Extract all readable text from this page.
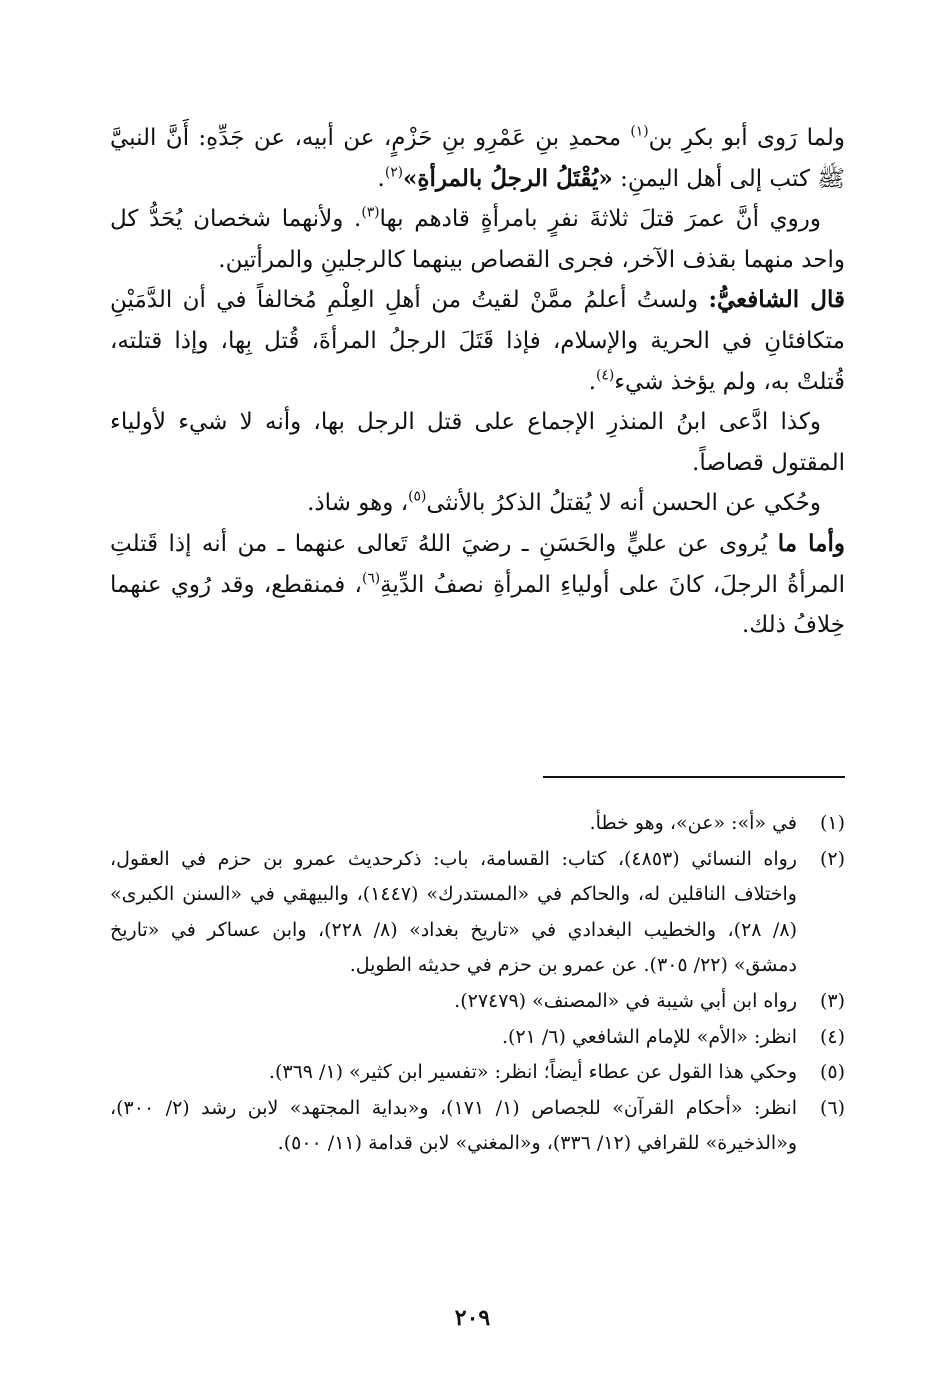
ولما رَوى أبو بكرِ بن$^{(١)}$ محمدِ بنِ عَمْرِو بنِ حَزْمٍ، عن أبيه، عن جَدِّهِ: أَنَّ النبيَّ ﷺ كتب إلى أهل اليمنِ: «يُقْتَلُ الرجلُ بالمرأةِ»$^{(٢)}$.

وروي أنَّ عمرَ قتلَ ثلاثةَ نفرٍ بامرأةٍ قادهم بها$^{(٣)}$. ولأنهما شخصان يُحَدُّ كل واحد منهما بقذف الآخر، فجرى القصاص بينهما كالرجلينِ والمرأتين.

قال الشافعيُّ: ولستُ أعلمُ ممَّنْ لقيتُ من أهلِ العِلْمِ مُخالفاً في أن الدَّمَيْنِ متكافئانِ في الحرية والإسلام، فإذا قَتَلَ الرجلُ المرأةَ، قُتل بِها، وإذا قتلته، قُتلتْ به، ولم يؤخذ شيء$^{(٤)}$.

وكذا ادَّعى ابنُ المنذرِ الإجماع على قتل الرجل بها، وأنه لا شيء لأولياء المقتول قصاصاً.

وحُكي عن الحسن أنه لا يُقتلُ الذكرُ بالأنثى$^{(٥)}$، وهو شاذ.

وأما ما يُروى عن عليٍّ والحَسَنِ ـ رضيَ اللهُ تَعالى عنهما ـ من أنه إذا قَتلتِ المرأةُ الرجلَ، كانَ على أولياءِ المرأةِ نصفُ الدِّيةِ$^{(٦)}$، فمنقطع، وقد رُوي عنهما خِلافُ ذلك.

(١)
في «أ»: «عن»، وهو خطأ.
(٢)
رواه النسائي (٤٨٥٣)، كتاب: القسامة، باب: ذكرحديث عمرو بن حزم في العقول، واختلاف الناقلين له، والحاكم في «المستدرك» (١٤٤٧)، والبيهقي في «السنن الكبرى» (٨/ ٢٨)، والخطيب البغدادي في «تاريخ بغداد» (٨/ ٢٢٨)، وابن عساكر في «تاريخ دمشق» (٢٢/ ٣٠٥). عن عمرو بن حزم في حديثه الطويل.
(٣)
رواه ابن أبي شيبة في «المصنف» (٢٧٤٧٩).
(٤)
انظر: «الأم» للإمام الشافعي (٦/ ٢١).
(٥)
وحكي هذا القول عن عطاء أيضاً؛ انظر: «تفسير ابن كثير» (١/ ٣٦٩).
(٦)
انظر: «أحكام القرآن» للجصاص (١/ ١٧١)، و«بداية المجتهد» لابن رشد (٢/ ٣٠٠)، و«الذخيرة» للقرافي (١٢/ ٣٣٦)، و«المغني» لابن قدامة (١١/ ٥٠٠).
٢٠٩
